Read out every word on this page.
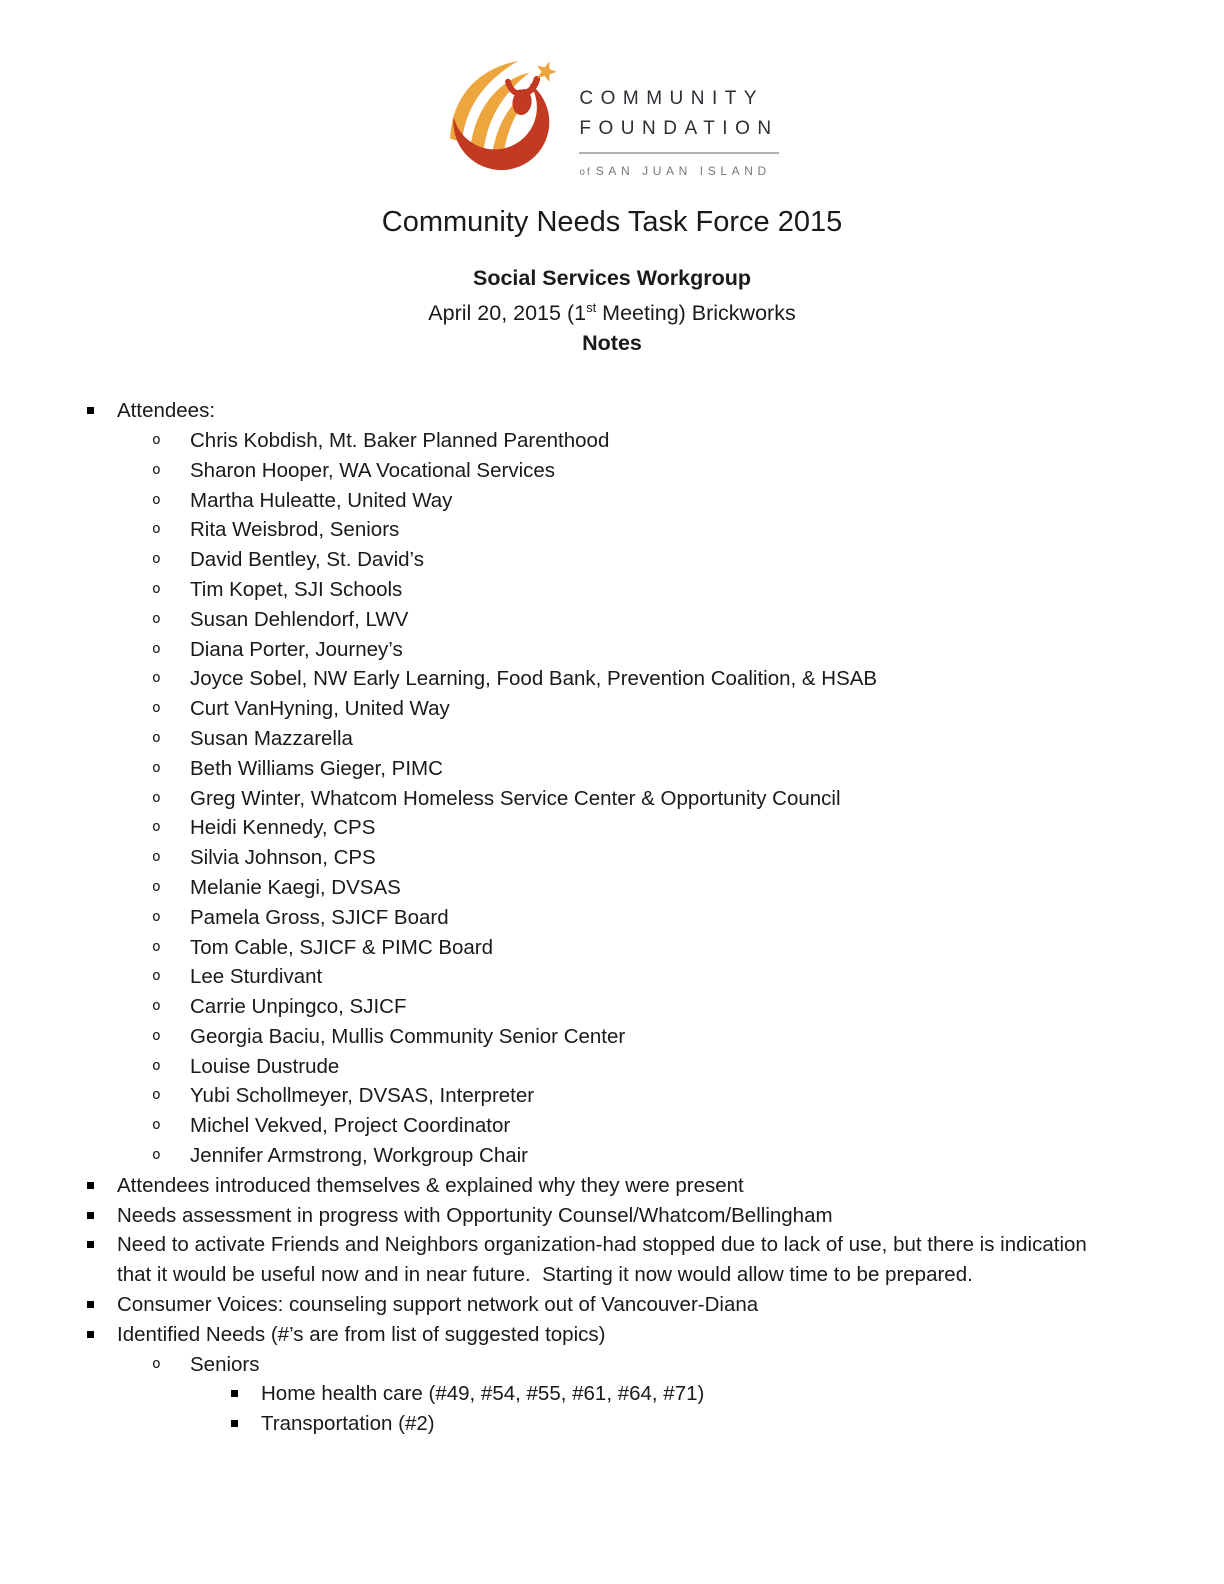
COMMUNITY
FOUNDATION
of SAN JUAN ISLAND
Community Needs Task Force 2015
Social Services Workgroup
April 20, 2015 (1st Meeting) Brickworks
Notes
Attendees:
o Chris Kobdish, Mt. Baker Planned Parenthood
o Sharon Hooper, WA Vocational Services
o Martha Huleatte, United Way
o Rita Weisbrod, Seniors
o David Bentley, St. David’s
o Tim Kopet, SJI Schools
o Susan Dehlendorf, LWV
o Diana Porter, Journey’s
o Joyce Sobel, NW Early Learning, Food Bank, Prevention Coalition, & HSAB
o Curt VanHyning, United Way
o Susan Mazzarella
o Beth Williams Gieger, PIMC
o Greg Winter, Whatcom Homeless Service Center & Opportunity Council
o Heidi Kennedy, CPS
o Silvia Johnson, CPS
o Melanie Kaegi, DVSAS
o Pamela Gross, SJICF Board
o Tom Cable, SJICF & PIMC Board
o Lee Sturdivant
o Carrie Unpingco, SJICF
o Georgia Baciu, Mullis Community Senior Center
o Louise Dustrude
o Yubi Schollmeyer, DVSAS, Interpreter
o Michel Vekved, Project Coordinator
o Jennifer Armstrong, Workgroup Chair
Attendees introduced themselves & explained why they were present
Needs assessment in progress with Opportunity Counsel/Whatcom/Bellingham
Need to activate Friends and Neighbors organization-had stopped due to lack of use, but there is indication that it would be useful now and in near future.  Starting it now would allow time to be prepared.
Consumer Voices: counseling support network out of Vancouver-Diana
Identified Needs (#’s are from list of suggested topics)
o Seniors
Home health care (#49, #54, #55, #61, #64, #71)
Transportation (#2)
